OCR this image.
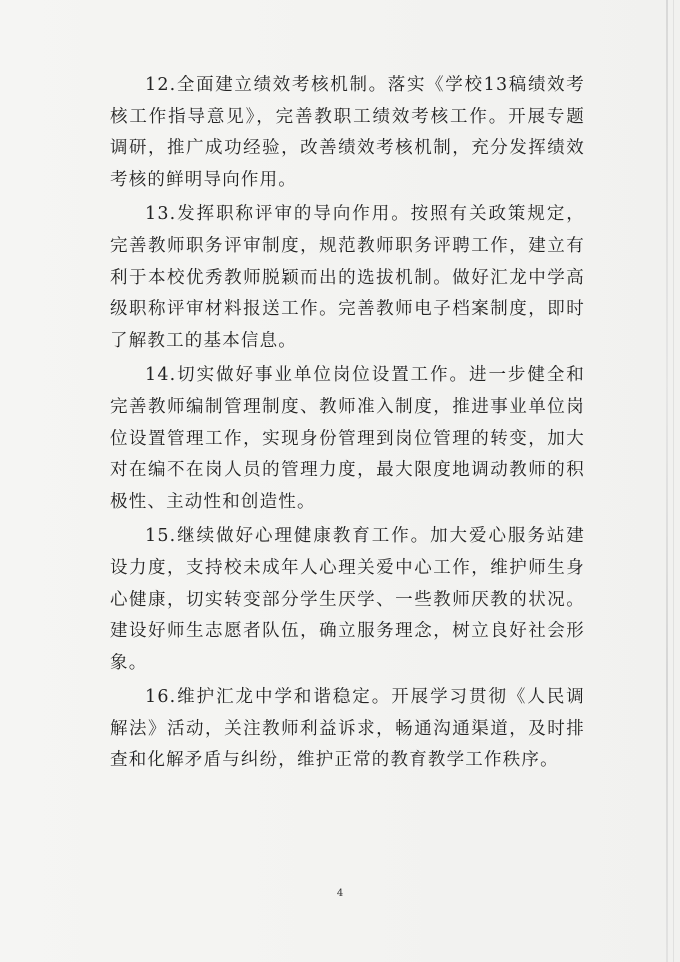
12.全面建立绩效考核机制。落实《学校13稿绩效考核工作指导意见》，完善教职工绩效考核工作。开展专题调研，推广成功经验，改善绩效考核机制，充分发挥绩效考核的鲜明导向作用。

13.发挥职称评审的导向作用。按照有关政策规定，完善教师职务评审制度，规范教师职务评聘工作，建立有利于本校优秀教师脱颖而出的选拔机制。做好汇龙中学高级职称评审材料报送工作。完善教师电子档案制度，即时了解教工的基本信息。

14.切实做好事业单位岗位设置工作。进一步健全和完善教师编制管理制度、教师准入制度，推进事业单位岗位设置管理工作，实现身份管理到岗位管理的转变，加大对在编不在岗人员的管理力度，最大限度地调动教师的积极性、主动性和创造性。

15.继续做好心理健康教育工作。加大爱心服务站建设力度，支持校未成年人心理关爱中心工作，维护师生身心健康，切实转变部分学生厌学、一些教师厌教的状况。建设好师生志愿者队伍，确立服务理念，树立良好社会形象。

16.维护汇龙中学和谐稳定。开展学习贯彻《人民调解法》活动，关注教师利益诉求，畅通沟通渠道，及时排查和化解矛盾与纠纷，维护正常的教育教学工作秩序。

4
